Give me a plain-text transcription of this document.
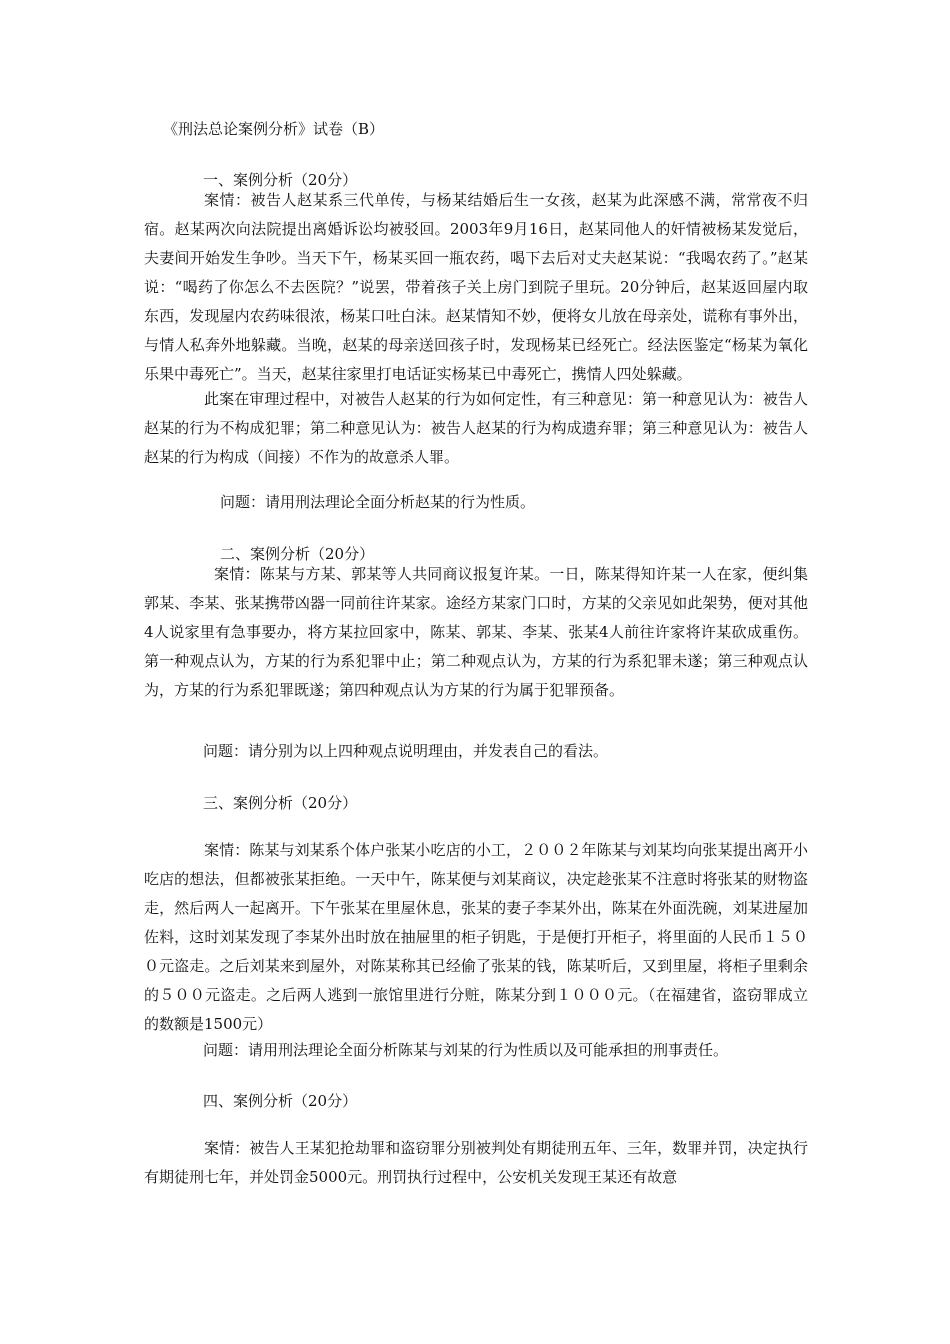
《刑法总论案例分析》试卷（B）

一、案例分析（20分）

案情：被告人赵某系三代单传，与杨某结婚后生一女孩，赵某为此深感不满，常常夜不归宿。赵某两次向法院提出离婚诉讼均被驳回。2003年9月16日，赵某同他人的奸情被杨某发觉后，夫妻间开始发生争吵。当天下午，杨某买回一瓶农药，喝下去后对丈夫赵某说：“我喝农药了。”赵某说：“喝药了你怎么不去医院？”说罢，带着孩子关上房门到院子里玩。20分钟后，赵某返回屋内取东西，发现屋内农药味很浓，杨某口吐白沫。赵某情知不妙，便将女儿放在母亲处，谎称有事外出，与情人私奔外地躲藏。当晚，赵某的母亲送回孩子时，发现杨某已经死亡。经法医鉴定“杨某为氧化乐果中毒死亡”。当天，赵某往家里打电话证实杨某已中毒死亡，携情人四处躲藏。

此案在审理过程中，对被告人赵某的行为如何定性，有三种意见：第一种意见认为：被告人赵某的行为不构成犯罪；第二种意见认为：被告人赵某的行为构成遗弃罪；第三种意见认为：被告人赵某的行为构成（间接）不作为的故意杀人罪。

问题：请用刑法理论全面分析赵某的行为性质。

二、案例分析（20分）

案情：陈某与方某、郭某等人共同商议报复许某。一日，陈某得知许某一人在家，便纠集郭某、李某、张某携带凶器一同前往许某家。途经方某家门口时，方某的父亲见如此架势，便对其他4人说家里有急事要办，将方某拉回家中，陈某、郭某、李某、张某4人前往许家将许某砍成重伤。第一种观点认为，方某的行为系犯罪中止；第二种观点认为，方某的行为系犯罪未遂；第三种观点认为，方某的行为系犯罪既遂；第四种观点认为方某的行为属于犯罪预备。

问题：请分别为以上四种观点说明理由，并发表自己的看法。

三、案例分析（20分）

案情：陈某与刘某系个体户张某小吃店的小工，２００２年陈某与刘某均向张某提出离开小吃店的想法，但都被张某拒绝。一天中午，陈某便与刘某商议，决定趁张某不注意时将张某的财物盗走，然后两人一起离开。下午张某在里屋休息，张某的妻子李某外出，陈某在外面洗碗，刘某进屋加佐料，这时刘某发现了李某外出时放在抽屉里的柜子钥匙，于是便打开柜子，将里面的人民币１５００元盗走。之后刘某来到屋外，对陈某称其已经偷了张某的钱，陈某听后，又到里屋，将柜子里剩余的５００元盗走。之后两人逃到一旅馆里进行分赃，陈某分到１０００元。（在福建省，盗窃罪成立的数额是1500元）

问题：请用刑法理论全面分析陈某与刘某的行为性质以及可能承担的刑事责任。

四、案例分析（20分）

案情：被告人王某犯抢劫罪和盗窃罪分别被判处有期徒刑五年、三年，数罪并罚，决定执行有期徒刑七年，并处罚金5000元。刑罚执行过程中，公安机关发现王某还有故意
